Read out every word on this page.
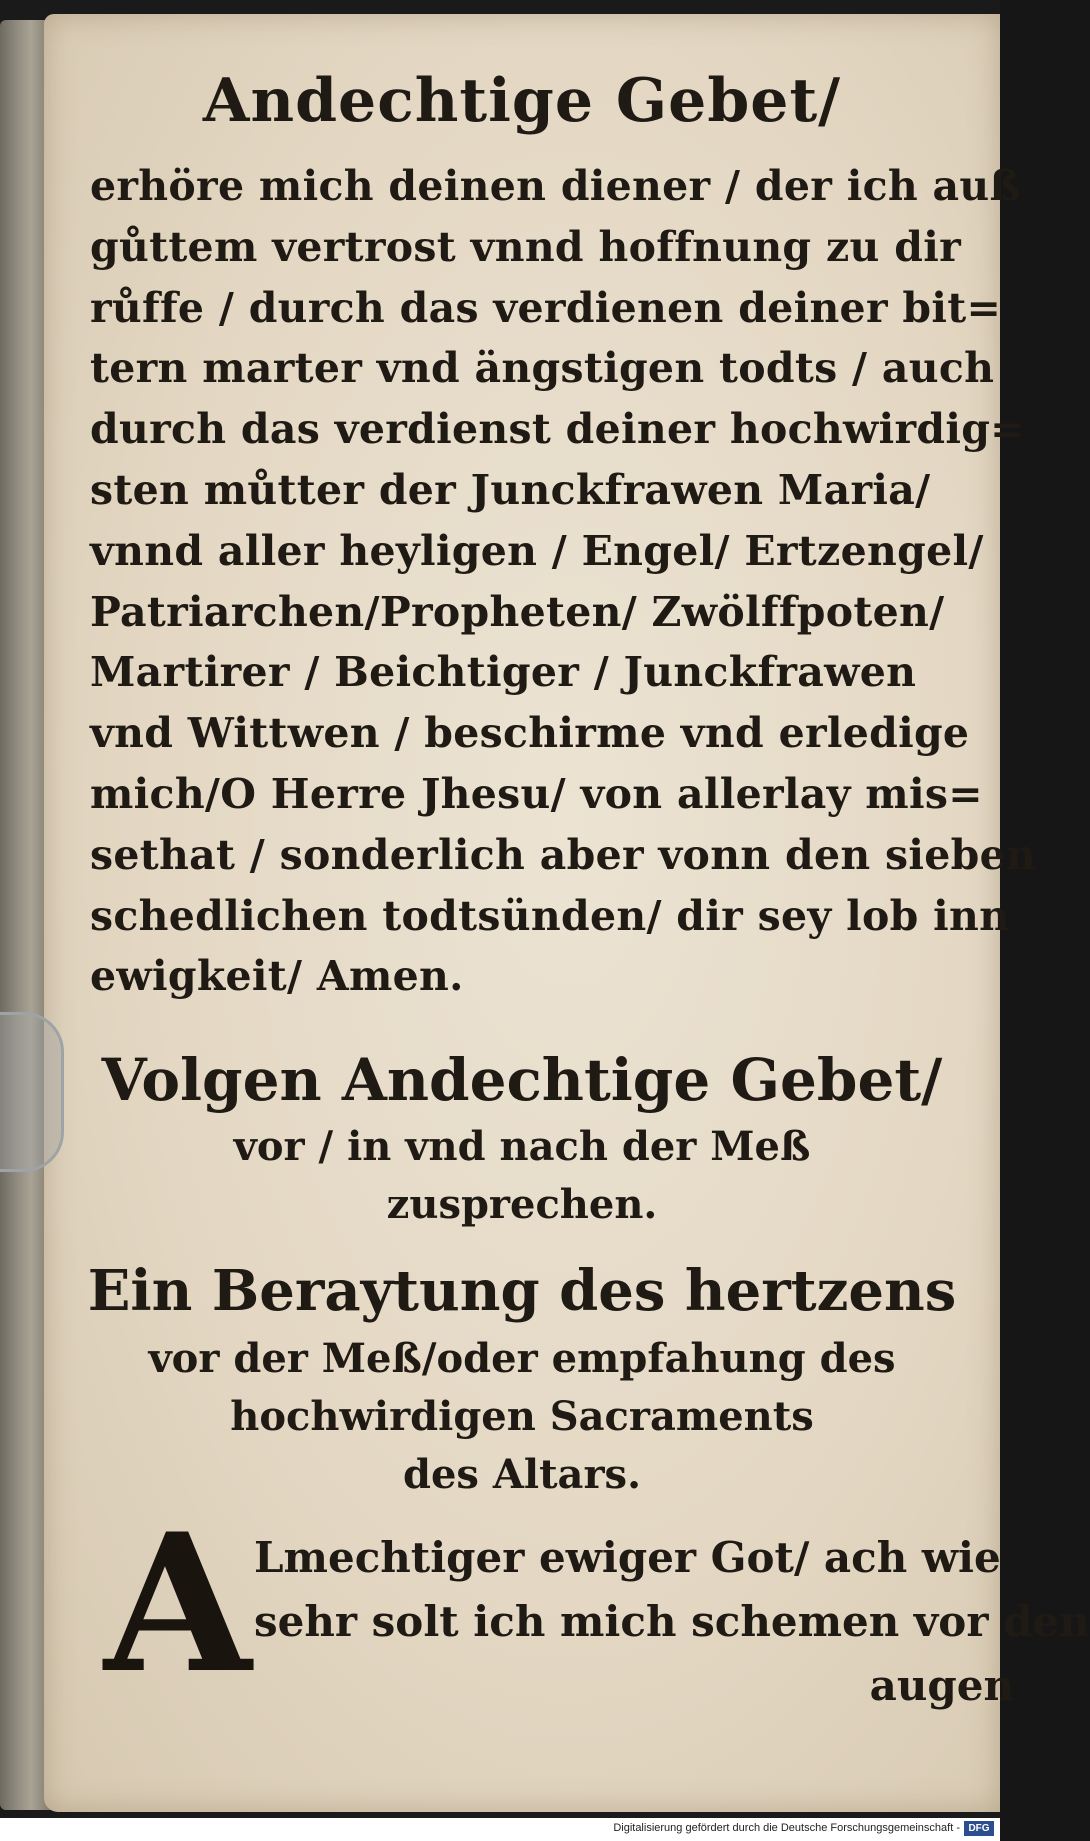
Andechtige Gebet/
erhöre mich deinen diener / der ich auß
gůttem vertrost vnnd hoffnung zu dir
růffe / durch das verdienen deiner bit=
tern marter vnd ängstigen todts / auch
durch das verdienst deiner hochwirdig=
sten můtter der Junckfrawen Maria/
vnnd aller heyligen / Engel/ Ertzengel/
Patriarchen/Propheten/ Zwölffpoten/
Martirer / Beichtiger / Junckfrawen
vnd Wittwen / beschirme vnd erledige
mich/O Herre Jhesu/ von allerlay mis=
sethat / sonderlich aber vonn den sieben
schedlichen todtsünden/ dir sey lob inn
ewigkeit/ Amen.
Volgen Andechtige Gebet/
vor / in vnd nach der Meß
zusprechen.
Ein Beraytung des hertzens
vor der Meß/oder empfahung des
hochwirdigen Sacraments
des Altars.
A Lmechtiger ewiger Got/ ach wie
sehr solt ich mich schemen vor den
augen
Digitalisierung gefördert durch die Deutsche Forschungsgemeinschaft - DFG
